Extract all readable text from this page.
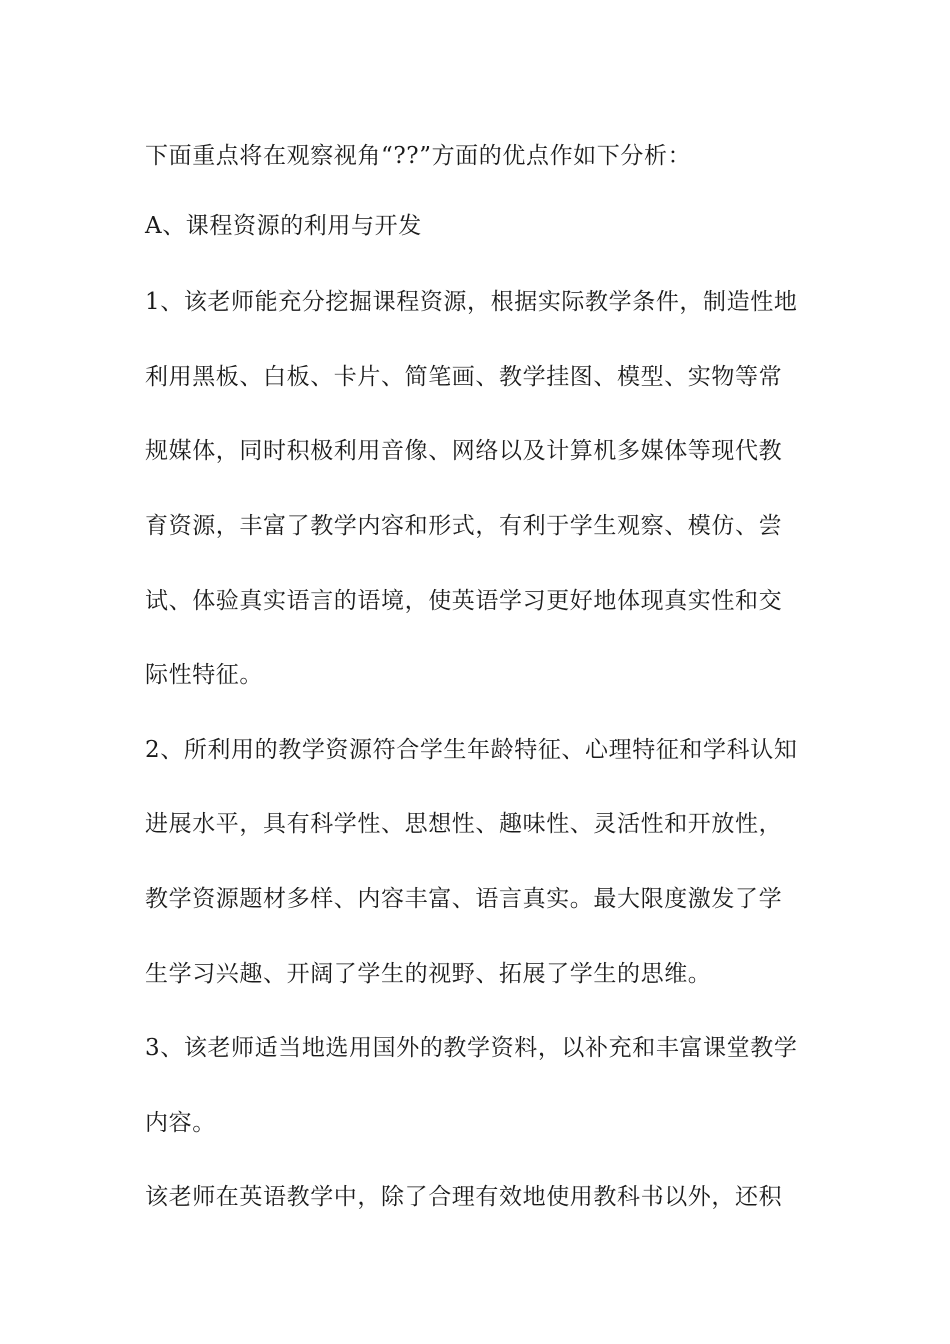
下面重点将在观察视角“??”方面的优点作如下分析：
A、课程资源的利用与开发
1、该老师能充分挖掘课程资源，根据实际教学条件，制造性地
利用黑板、白板、卡片、简笔画、教学挂图、模型、实物等常
规媒体，同时积极利用音像、网络以及计算机多媒体等现代教
育资源，丰富了教学内容和形式，有利于学生观察、模仿、尝
试、体验真实语言的语境，使英语学习更好地体现真实性和交
际性特征。
2、所利用的教学资源符合学生年龄特征、心理特征和学科认知
进展水平，具有科学性、思想性、趣味性、灵活性和开放性，
教学资源题材多样、内容丰富、语言真实。最大限度激发了学
生学习兴趣、开阔了学生的视野、拓展了学生的思维。
3、该老师适当地选用国外的教学资料，以补充和丰富课堂教学
内容。
该老师在英语教学中，除了合理有效地使用教科书以外，还积
